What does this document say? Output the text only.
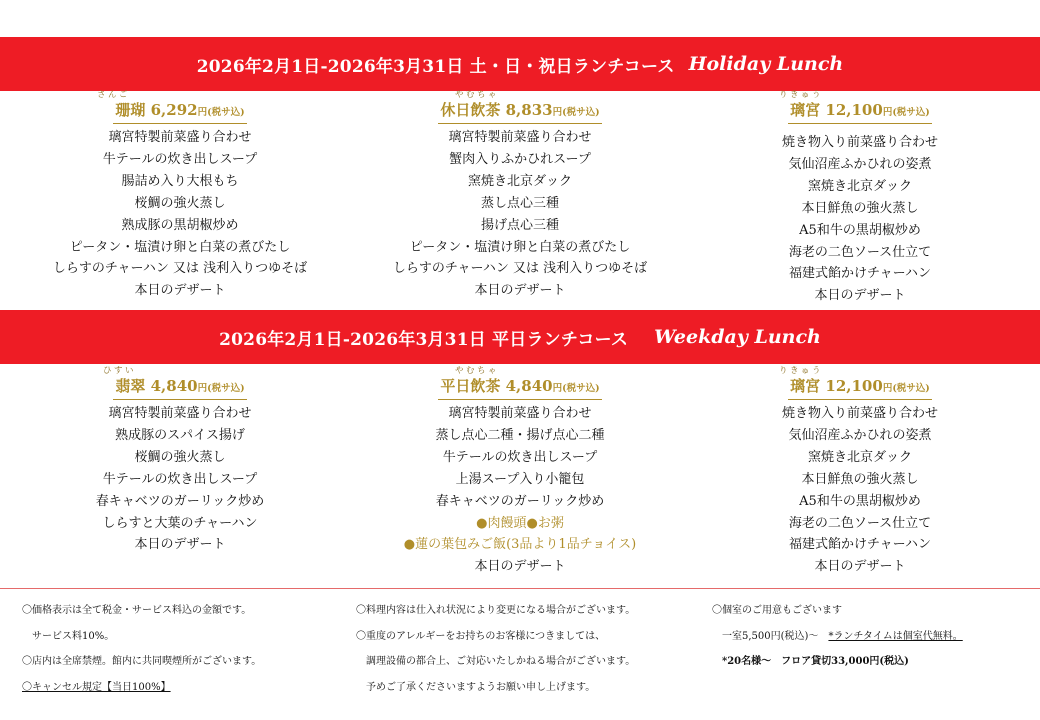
2026年2月1日-2026年3月31日 土・日・祝日ランチコース Holiday Lunch
さんご
珊瑚 6,292円(税サ込)
璃宮特製前菜盛り合わせ
牛テールの炊き出しスープ
腸詰め入り大根もち
桜鯛の強火蒸し
熟成豚の黒胡椒炒め
ピータン・塩漬け卵と白菜の煮びたし
しらすのチャーハン 又は 浅利入りつゆそば
本日のデザート
やむちゃ
休日飲茶 8,833円(税サ込)
璃宮特製前菜盛り合わせ
蟹肉入りふかひれスープ
窯焼き北京ダック
蒸し点心三種
揚げ点心三種
ピータン・塩漬け卵と白菜の煮びたし
しらすのチャーハン 又は 浅利入りつゆそば
本日のデザート
りきゅう
璃宮 12,100円(税サ込)
焼き物入り前菜盛り合わせ
気仙沼産ふかひれの姿煮
窯焼き北京ダック
本日鮮魚の強火蒸し
A5和牛の黒胡椒炒め
海老の二色ソース仕立て
福建式餡かけチャーハン
本日のデザート
2026年2月1日-2026年3月31日 平日ランチコース Weekday Lunch
ひすい
翡翠 4,840円(税サ込)
璃宮特製前菜盛り合わせ
熟成豚のスパイス揚げ
桜鯛の強火蒸し
牛テールの炊き出しスープ
春キャベツのガーリック炒め
しらすと大葉のチャーハン
本日のデザート
やむちゃ
平日飲茶 4,840円(税サ込)
璃宮特製前菜盛り合わせ
蒸し点心二種・揚げ点心二種
牛テールの炊き出しスープ
上湯スープ入り小籠包
春キャベツのガーリック炒め
●肉饅頭●お粥
●蓮の葉包みご飯(3品より1品チョイス)
本日のデザート
りきゅう
璃宮 12,100円(税サ込)
焼き物入り前菜盛り合わせ
気仙沼産ふかひれの姿煮
窯焼き北京ダック
本日鮮魚の強火蒸し
A5和牛の黒胡椒炒め
海老の二色ソース仕立て
福建式餡かけチャーハン
本日のデザート
〇価格表示は全て税金・サービス料込の金額です。
　サービス料10%。
〇店内は全席禁煙。館内に共同喫煙所がございます。
〇キャンセル規定【当日100%】
〇料理内容は仕入れ状況により変更になる場合がございます。
〇重度のアレルギーをお持ちのお客様につきましては、
　調理設備の都合上、ご対応いたしかねる場合がございます。
　予めご了承くださいますようお願い申し上げます。
〇個室のご用意もございます
　一室5,500円(税込)〜　*ランチタイムは個室代無料。
　*20名様〜　フロア貸切33,000円(税込)
